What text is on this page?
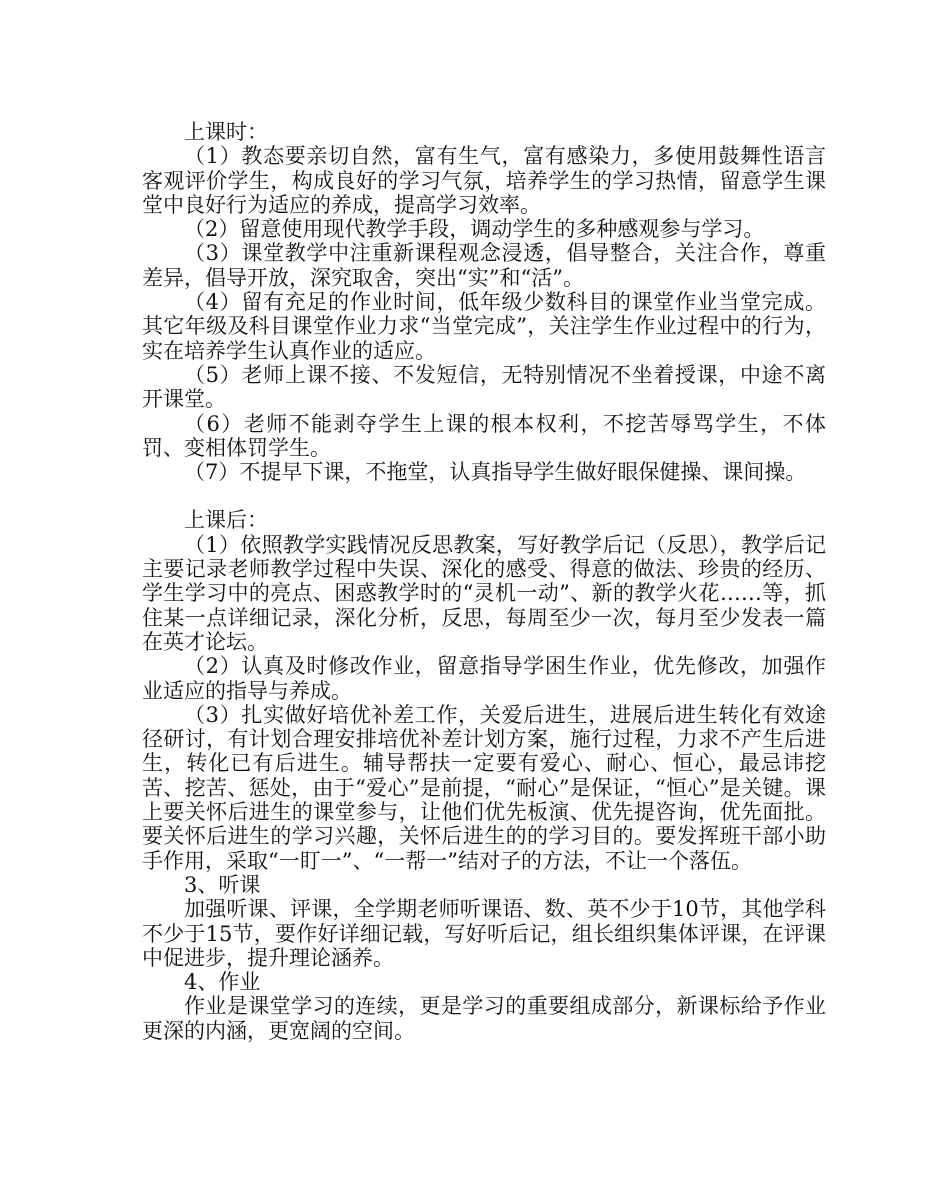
上课时：

（1）教态要亲切自然，富有生气，富有感染力，多使用鼓舞性语言客观评价学生，构成良好的学习气氛，培养学生的学习热情，留意学生课堂中良好行为适应的养成，提高学习效率。

（2）留意使用现代教学手段，调动学生的多种感观参与学习。

（3）课堂教学中注重新课程观念浸透，倡导整合，关注合作，尊重差异，倡导开放，深究取舍，突出“实”和“活”。

（4）留有充足的作业时间，低年级少数科目的课堂作业当堂完成。其它年级及科目课堂作业力求“当堂完成”，关注学生作业过程中的行为，实在培养学生认真作业的适应。

（5）老师上课不接、不发短信，无特别情况不坐着授课，中途不离开课堂。

（6）老师不能剥夺学生上课的根本权利，不挖苦辱骂学生，不体罚、变相体罚学生。

（7）不提早下课，不拖堂，认真指导学生做好眼保健操、课间操。

上课后：

（1）依照教学实践情况反思教案，写好教学后记（反思），教学后记主要记录老师教学过程中失误、深化的感受、得意的做法、珍贵的经历、学生学习中的亮点、困惑教学时的“灵机一动”、新的教学火花……等，抓住某一点详细记录，深化分析，反思，每周至少一次，每月至少发表一篇在英才论坛。

（2）认真及时修改作业，留意指导学困生作业，优先修改，加强作业适应的指导与养成。

（3）扎实做好培优补差工作，关爱后进生，进展后进生转化有效途径研讨，有计划合理安排培优补差计划方案，施行过程，力求不产生后进生，转化已有后进生。辅导帮扶一定要有爱心、耐心、恒心，最忌讳挖苦、挖苦、惩处，由于“爱心”是前提，“耐心”是保证，“恒心”是关键。课上要关怀后进生的课堂参与，让他们优先板演、优先提咨询，优先面批。要关怀后进生的学习兴趣，关怀后进生的的学习目的。要发挥班干部小助手作用，采取“一盯一”、“一帮一”结对子的方法，不让一个落伍。

3、听课

加强听课、评课，全学期老师听课语、数、英不少于10节，其他学科不少于15节，要作好详细记载，写好听后记，组长组织集体评课，在评课中促进步，提升理论涵养。

4、作业

作业是课堂学习的连续，更是学习的重要组成部分，新课标给予作业更深的内涵，更宽阔的空间。
